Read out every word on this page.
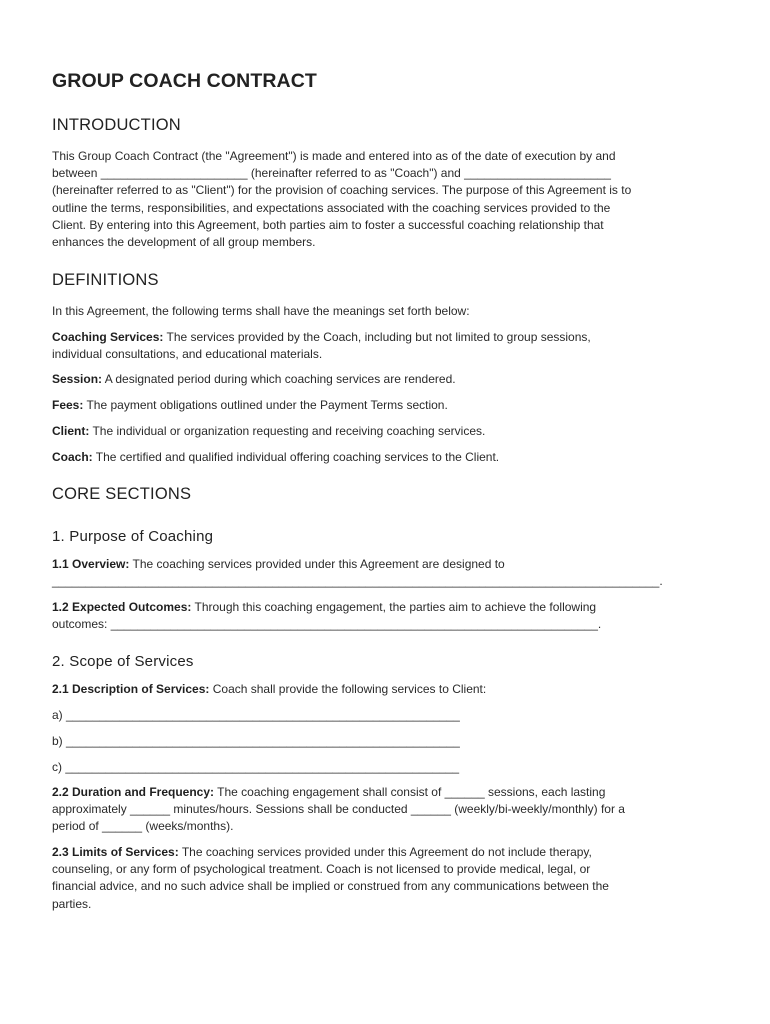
GROUP COACH CONTRACT
INTRODUCTION

This Group Coach Contract (the "Agreement") is made and entered into as of the date of execution by and
between ______________________ (hereinafter referred to as "Coach") and ______________________
(hereinafter referred to as "Client") for the provision of coaching services. The purpose of this Agreement is to
outline the terms, responsibilities, and expectations associated with the coaching services provided to the
Client. By entering into this Agreement, both parties aim to foster a successful coaching relationship that
enhances the development of all group members.

DEFINITIONS

In this Agreement, the following terms shall have the meanings set forth below:

Coaching Services: The services provided by the Coach, including but not limited to group sessions,
individual consultations, and educational materials.

Session: A designated period during which coaching services are rendered.

Fees: The payment obligations outlined under the Payment Terms section.

Client: The individual or organization requesting and receiving coaching services.

Coach: The certified and qualified individual offering coaching services to the Client.

CORE SECTIONS
1. Purpose of Coaching

1.1 Overview: The coaching services provided under this Agreement are designed to
___________________________________________________________________________________________.

1.2 Expected Outcomes: Through this coaching engagement, the parties aim to achieve the following
outcomes: _________________________________________________________________________.

2. Scope of Services

2.1 Description of Services: Coach shall provide the following services to Client:

a) ___________________________________________________________

b) ___________________________________________________________

c) ___________________________________________________________

2.2 Duration and Frequency: The coaching engagement shall consist of ______ sessions, each lasting
approximately ______ minutes/hours. Sessions shall be conducted ______ (weekly/bi-weekly/monthly) for a
period of ______ (weeks/months).

2.3 Limits of Services: The coaching services provided under this Agreement do not include therapy,
counseling, or any form of psychological treatment. Coach is not licensed to provide medical, legal, or
financial advice, and no such advice shall be implied or construed from any communications between the
parties.
